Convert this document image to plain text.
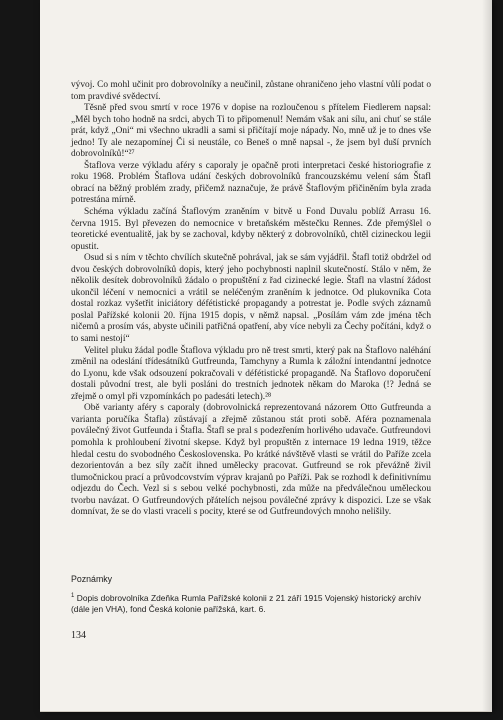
vývoj. Co mohl učinit pro dobrovolníky a neučinil, zůstane ohraničeno jeho vlastní vůlí podat o tom pravdivé svědectví.

Těsně před svou smrtí v roce 1976 v dopise na rozloučenou s přítelem Fiedlerem napsal: „Měl bych toho hodně na srdci, abych Ti to připomenul! Nemám však ani sílu, ani chuť se stále prát, když „Oni“ mi všechno ukradli a sami si přičítají moje nápady. No, mně už je to dnes vše jedno! Ty ale nezapomínej Či si neustále, co Beneš o mně napsal -, že jsem byl duší prvních dobrovolníků!“²⁷

Štaflova verze výkladu aféry s caporaly je opačně proti interpretaci české historiografie z roku 1968. Problém Štaflova udání českých dobrovolníků francouzskému velení sám Štafl obrací na běžný problém zrady, přičemž naznačuje, že právě Štaflovým přičiněním byla zrada potrestána mírně.

Schéma výkladu začíná Štaflovým zraněním v bitvě u Fond Duvalu poblíž Arrasu 16. června 1915. Byl převezen do nemocnice v bretaňském městečku Rennes. Zde přemýšlel o teoretické eventualitě, jak by se zachoval, kdyby některý z dobrovolníků, chtěl cizineckou legii opustit.

Osud si s ním v těchto chvílích skutečně pohrával, jak se sám vyjádřil. Štafl totiž obdržel od dvou českých dobrovolníků dopis, který jeho pochybnosti naplnil skutečností. Stálo v něm, že několik desítek dobrovolníků žádalo o propuštění z řad cizinecké legie. Štafl na vlastní žádost ukončil léčení v nemocnici a vrátil se neléčeným zraněním k jednotce. Od plukovníka Cota dostal rozkaz vyšetřit iniciátory défétistické propagandy a potrestat je. Podle svých záznamů poslal Pařížské kolonii 20. října 1915 dopis, v němž napsal. „Posílám vám zde jména těch ničemů a prosím vás, abyste učinili patřičná opatření, aby více nebyli za Čechy počítáni, když o to sami nestojí“

Velitel pluku žádal podle Štaflova výkladu pro ně trest smrti, který pak na Štaflovo naléhání změnil na odeslání třídesátníků Gutfreunda, Tamchyny a Rumla k záložní intendantní jednotce do Lyonu, kde však odsouzení pokračovali v défétistické propagandě. Na Štaflovo doporučení dostali původní trest, ale byli posláni do trestních jednotek někam do Maroka (!? Jedná se zřejmě o omyl při vzpomínkách po padesáti letech).²⁸

Obě varianty aféry s caporaly (dobrovolnická reprezentovaná názorem Otto Gutfreunda a varianta poručíka Štafla) zůstávají a zřejmě zůstanou stát proti sobě. Aféra poznamenala poválečný život Gutfeunda i Štafla. Štafl se pral s podezřením horlivého udavače. Gutfreundovi pomohla k prohloubení životní skepse. Když byl propuštěn z internace 19 ledna 1919, těžce hledal cestu do svobodného Československa. Po krátké návštěvě vlasti se vrátil do Paříže zcela dezorientován a bez síly začít ihned umělecky pracovat. Gutfreund se rok převážně živil tlumočnickou prací a průvodcovstvím výprav krajanů po Paříži. Pak se rozhodl k definitivnímu odjezdu do Čech. Vezl si s sebou velké pochybnosti, zda může na předválečnou uměleckou tvorbu navázat. O Gutfreundových přátelích nejsou poválečné zprávy k dispozici. Lze se však domnívat, že se do vlasti vraceli s pocity, které se od Gutfreundových mnoho nelišily.

Poznámky
$^1$ Dopis dobrovolníka Zdeňka Rumla Pařížské kolonii z 21 září 1915 Vojenský historický archív (dále jen VHA), fond Česká kolonie pařížská, kart. 6.
134
